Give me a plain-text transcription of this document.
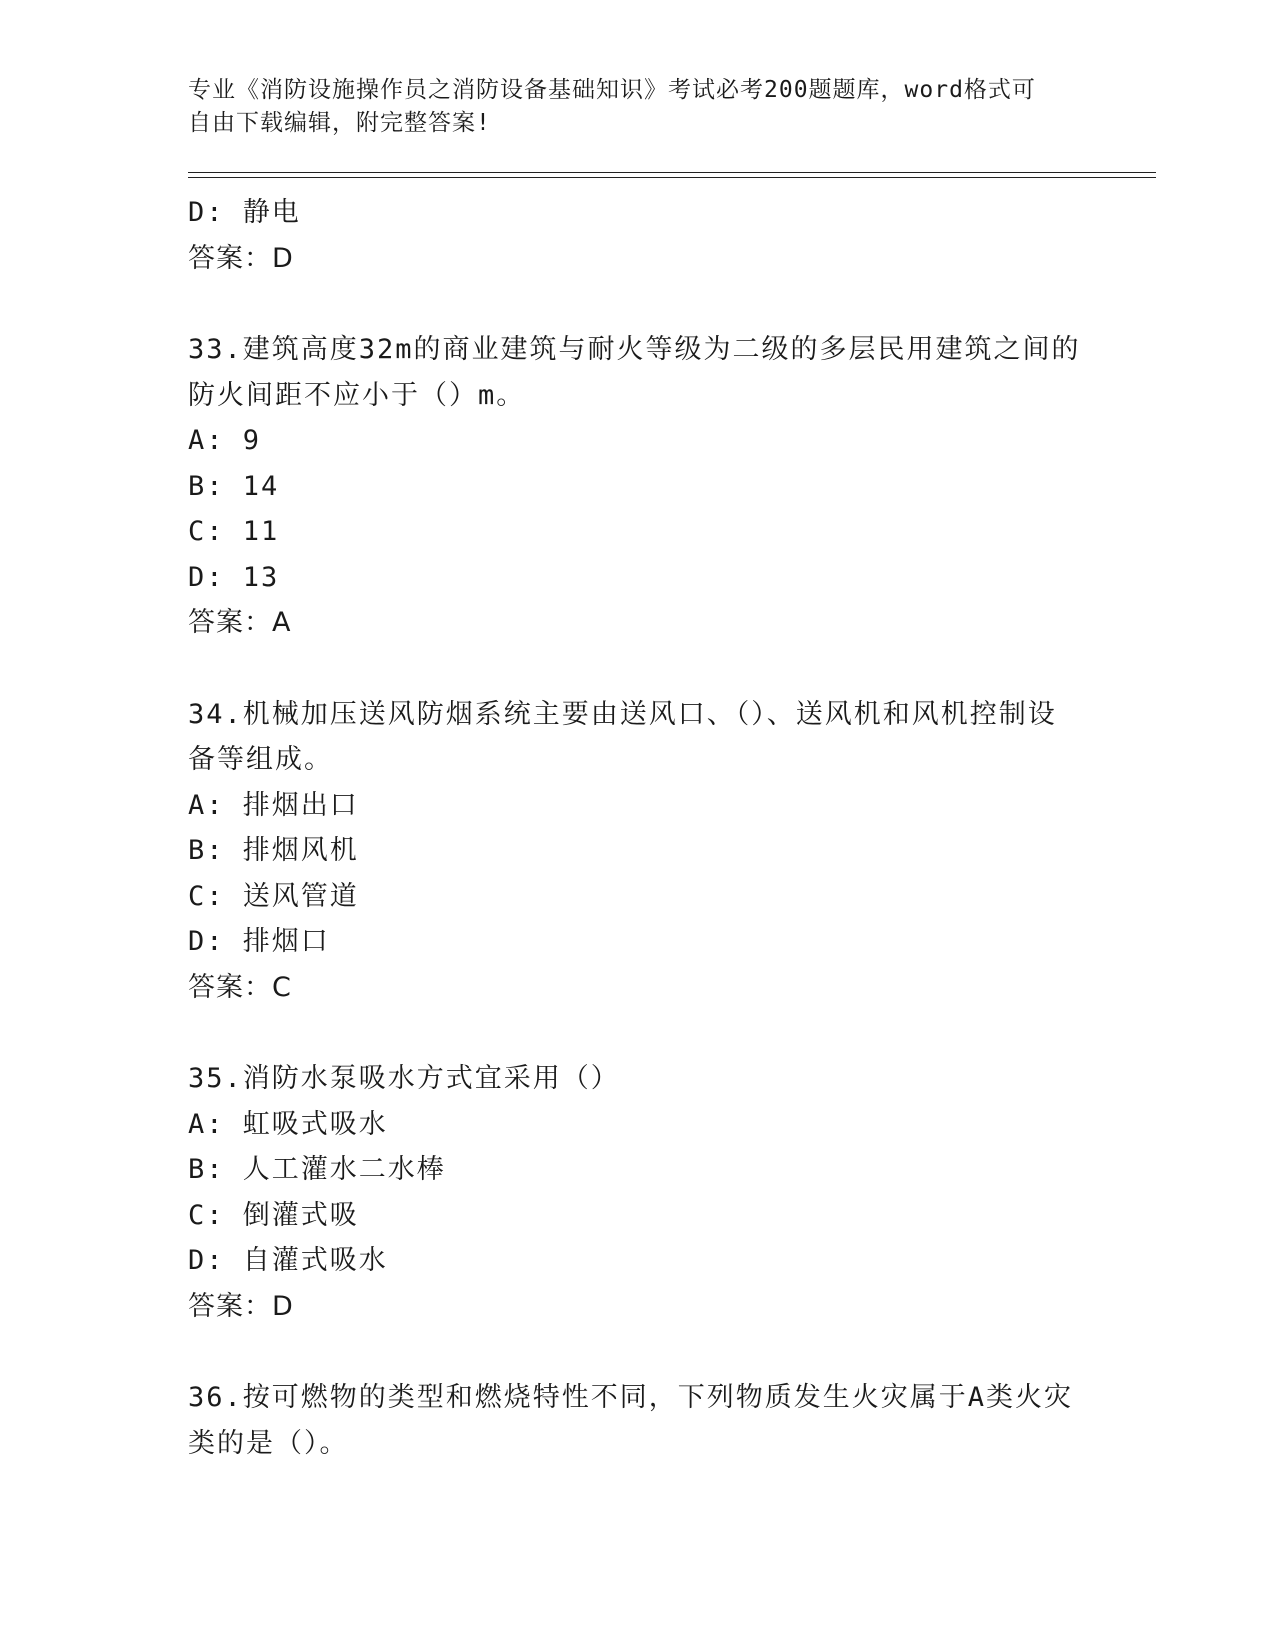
专业《消防设施操作员之消防设备基础知识》考试必考200题题库，word格式可
自由下载编辑，附完整答案!
D: 静电
答案：D
33.建筑高度32m的商业建筑与耐火等级为二级的多层民用建筑之间的
防火间距不应小于（）m。
A: 9
B: 14
C: 11
D: 13
答案：A
34.机械加压送风防烟系统主要由送风口、（）、送风机和风机控制设
备等组成。
A: 排烟出口
B: 排烟风机
C: 送风管道
D: 排烟口
答案：C
35.消防水泵吸水方式宜采用（）
A: 虹吸式吸水
B: 人工灌水二水棒
C: 倒灌式吸
D: 自灌式吸水
答案：D
36.按可燃物的类型和燃烧特性不同，下列物质发生火灾属于A类火灾
类的是（）。
